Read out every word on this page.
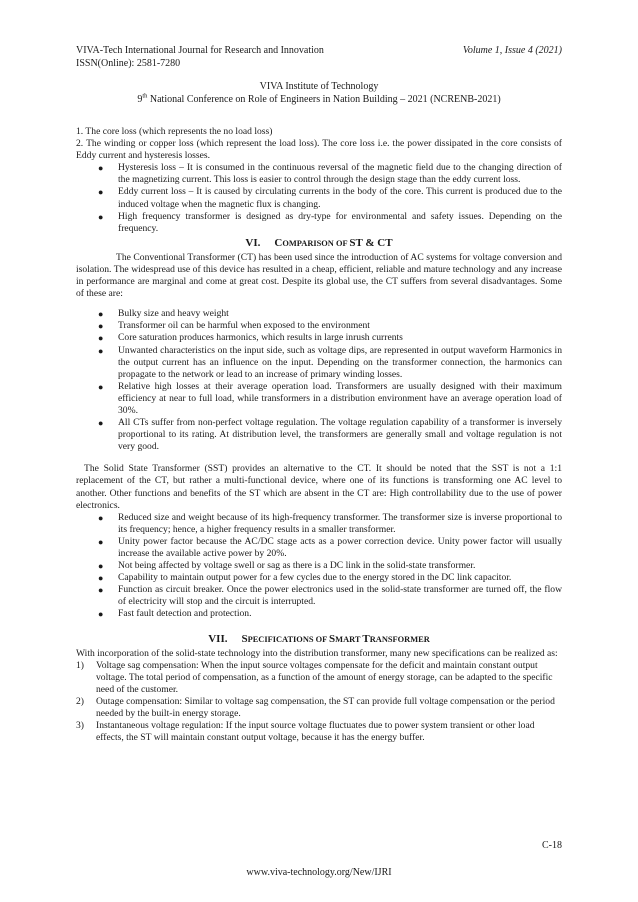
VIVA-Tech International Journal for Research and Innovation	Volume 1, Issue 4 (2021)
ISSN(Online): 2581-7280
VIVA Institute of Technology
9th National Conference on Role of Engineers in Nation Building – 2021 (NCRENB-2021)

1. The core loss (which represents the no load loss)

2. The winding or copper loss (which represent the load loss). The core loss i.e. the power dissipated in the core consists of Eddy current and hysteresis losses.

● Hysteresis loss – It is consumed in the continuous reversal of the magnetic field due to the changing direction of the magnetizing current. This loss is easier to control through the design stage than the eddy current loss.
● Eddy current loss – It is caused by circulating currents in the body of the core. This current is produced due to the induced voltage when the magnetic flux is changing.
● High frequency transformer is designed as dry-type for environmental and safety issues. Depending on the frequency.
VI. COMPARISON OF ST & CT

The Conventional Transformer (CT) has been used since the introduction of AC systems for voltage conversion and isolation. The widespread use of this device has resulted in a cheap, efficient, reliable and mature technology and any increase in performance are marginal and come at great cost. Despite its global use, the CT suffers from several disadvantages. Some of these are:

● Bulky size and heavy weight
● Transformer oil can be harmful when exposed to the environment
● Core saturation produces harmonics, which results in large inrush currents
● Unwanted characteristics on the input side, such as voltage dips, are represented in output waveform Harmonics in the output current has an influence on the input. Depending on the transformer connection, the harmonics can propagate to the network or lead to an increase of primary winding losses.
● Relative high losses at their average operation load. Transformers are usually designed with their maximum efficiency at near to full load, while transformers in a distribution environment have an average operation load of 30%.
● All CTs suffer from non-perfect voltage regulation. The voltage regulation capability of a transformer is inversely proportional to its rating. At distribution level, the transformers are generally small and voltage regulation is not very good.

The Solid State Transformer (SST) provides an alternative to the CT. It should be noted that the SST is not a 1:1 replacement of the CT, but rather a multi-functional device, where one of its functions is transforming one AC level to another. Other functions and benefits of the ST which are absent in the CT are: High controllability due to the use of power electronics.

● Reduced size and weight because of its high-frequency transformer. The transformer size is inverse proportional to its frequency; hence, a higher frequency results in a smaller transformer.
● Unity power factor because the AC/DC stage acts as a power correction device. Unity power factor will usually increase the available active power by 20%.
● Not being affected by voltage swell or sag as there is a DC link in the solid-state transformer.
● Capability to maintain output power for a few cycles due to the energy stored in the DC link capacitor.
● Function as circuit breaker. Once the power electronics used in the solid-state transformer are turned off, the flow of electricity will stop and the circuit is interrupted.
● Fast fault detection and protection.
VII. SPECIFICATIONS OF SMART TRANSFORMER

With incorporation of the solid-state technology into the distribution transformer, many new specifications can be realized as:

1) Voltage sag compensation: When the input source voltages compensate for the deficit and maintain constant output voltage. The total period of compensation, as a function of the amount of energy storage, can be adapted to the specific need of the customer.
2) Outage compensation: Similar to voltage sag compensation, the ST can provide full voltage compensation or the period needed by the built-in energy storage.
3) Instantaneous voltage regulation: If the input source voltage fluctuates due to power system transient or other load effects, the ST will maintain constant output voltage, because it has the energy buffer.
C-18
www.viva-technology.org/New/IJRI
